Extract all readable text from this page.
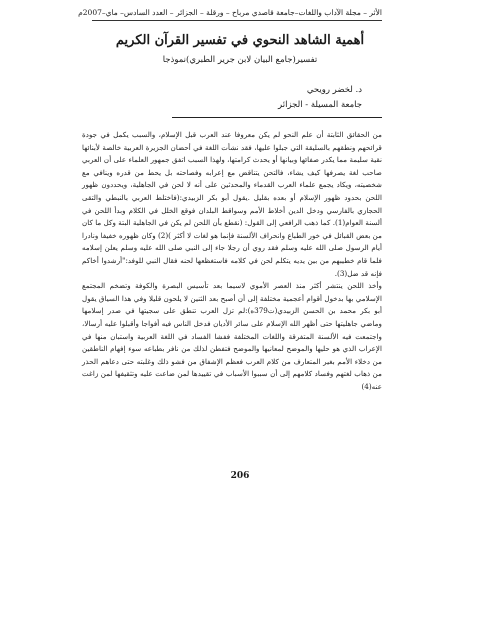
الأثر – مجلة الآداب واللغات–جامعة قاصدي مرباح – ورقلة – الجزائر – العدد السادس– ماي–2007م
أهمية الشاهد النحوي في تفسير القرآن الكريم
تفسير(جامع البيان لابن جرير الطبري)نموذجا
د. لخضر رويحي
جامعة المسيلة - الجزائر

من الحقائق الثابتة أن علم النحو لم يكن معروفا عند العرب قبل الإسلام، والسبب يكمل في جودة قرائحهم ونطقهم بالسليقة التي جبلوا عليها، فقد نشأت اللغة في أحضان الجزيرة العربية خالصة لأبنائها نقية سليمة مما يكدر صفائها وبيانها أو يحدث كرامتها، ولهذا السبب اتفق جمهور العلماء على أن العربي صاحب لغة يصرفها كيف يشاء، فالتحن يتناقض مع إعرابه وفصاحته بل يحط من قدره وينافي مع شخصيته، ويكاد يجمع علماء العرب القدماء والمحدثين على أنه لا لحن في الجاهلية، ويحددون ظهور اللحن بحدود ظهور الإسلام أو بعده بقليل .يقول أبو بكر الزبيدي:(فاختلط العربي بالنبطي والتقى الحجازي بالفارسي ودخل الدين أخلاط الأمم وسواقط البلدان فوقع الخلل في الكلام وبدأ اللحن في ألسنة العوام(1). كما ذهب الرافعي إلى القول: (نقطع بأن اللحن لم يكن في الجاهلية البتة وكل ما كان من بعض القبائل في خور الطباع وانحراف الألسنة فإنما هو لغات لا أكثر )(2) وكان ظهوره خفيفا ونادرا أيام الرسول صلى الله عليه وسلم فقد روي أن رجلا جاء إلى النبي صلى الله عليه وسلم يعلن إسلامه فلما قام خطيبهم من بين يديه يتكلم لحن في كلامه فاستغظعها لحنه فقال النبي للوفد:"أرشدوا أخاكم فإنه قد ضل(3).

وأخذ اللحن ينتشر أكثر منذ العصر الأموي لاسيما بعد تأسيس البصرة والكوفة وتضخم المجتمع الإسلامي بها بدخول أقوام أعجمية مختلفة إلى أن أصبح بعد الثنين لا يلحون قليلا وفي هذا السياق يقول أبو بكر محمد بن الحسن الزبيدي(ت379ه):لم تزل العرب تنطق على سجيتها في صدر إسلامها وماضي جاهليتها حتى أظهر الله الإسلام على سائر الأديان فدخل الناس فيه أفواجا وأقبلوا عليه أرسالا، واجتمعت فيه الألسنة المتفرقة واللغات المختلفة ففشا الفساد في اللغة العربية واستبان منها في الإعراب الذي هو حليها والموضح لمعانيها والموضح فتفطن لذلك من نافر بطباعه سوء إفهام الناطقين من دخلاء الأمم بغير المتعارف من كلام العرب فعظم الإشفاق من فشو ذلك وغلبته حتى دعاهم الحذر من ذهاب لغتهم وفساد كلامهم إلى أن سببوا الأسباب في تقييدها لمن ضاعت عليه وتثقيفها لمن زاغت عنه(4)

206
